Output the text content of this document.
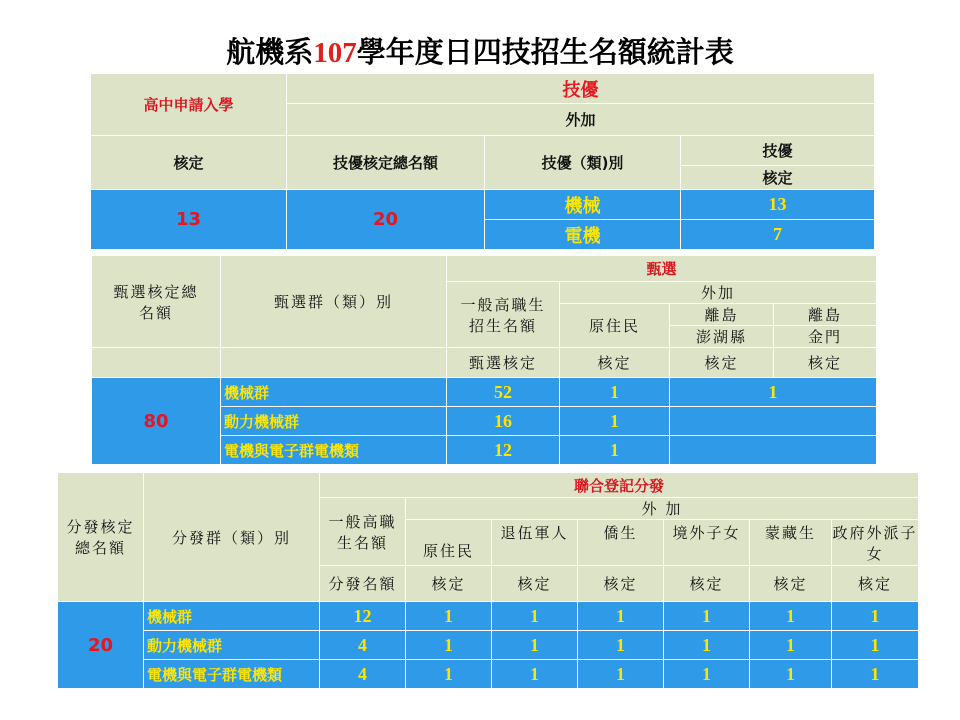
航機系107學年度日四技招生名額統計表
高中申請入學	技優		
	外加		
核定	技優核定總名額	技優（類)別	技優
			核定
13	20	機械	13
		電機	7
甄選核定總名額	甄選群（類）別	甄選			

		一般高職生招生名額	外加		
			原住民	離島	離島
				澎湖縣	金門
		甄選核定	核定	核定	核定
80	機械群	52	1	1	
	動力機械群	16	1		
	電機與電子群電機類	12	1		
分發核定總名額	分發群（類）別	聯合登記分發						

		一般高職生名額	外 加					
			原住民	退伍軍人	僑生	境外子女	蒙藏生	政府外派子女
		分發名額	核定	核定	核定	核定	核定	核定
20	機械群	12	1	1	1	1	1	1
	動力機械群	4	1	1	1	1	1	1
	電機與電子群電機類	4	1	1	1	1	1	1
